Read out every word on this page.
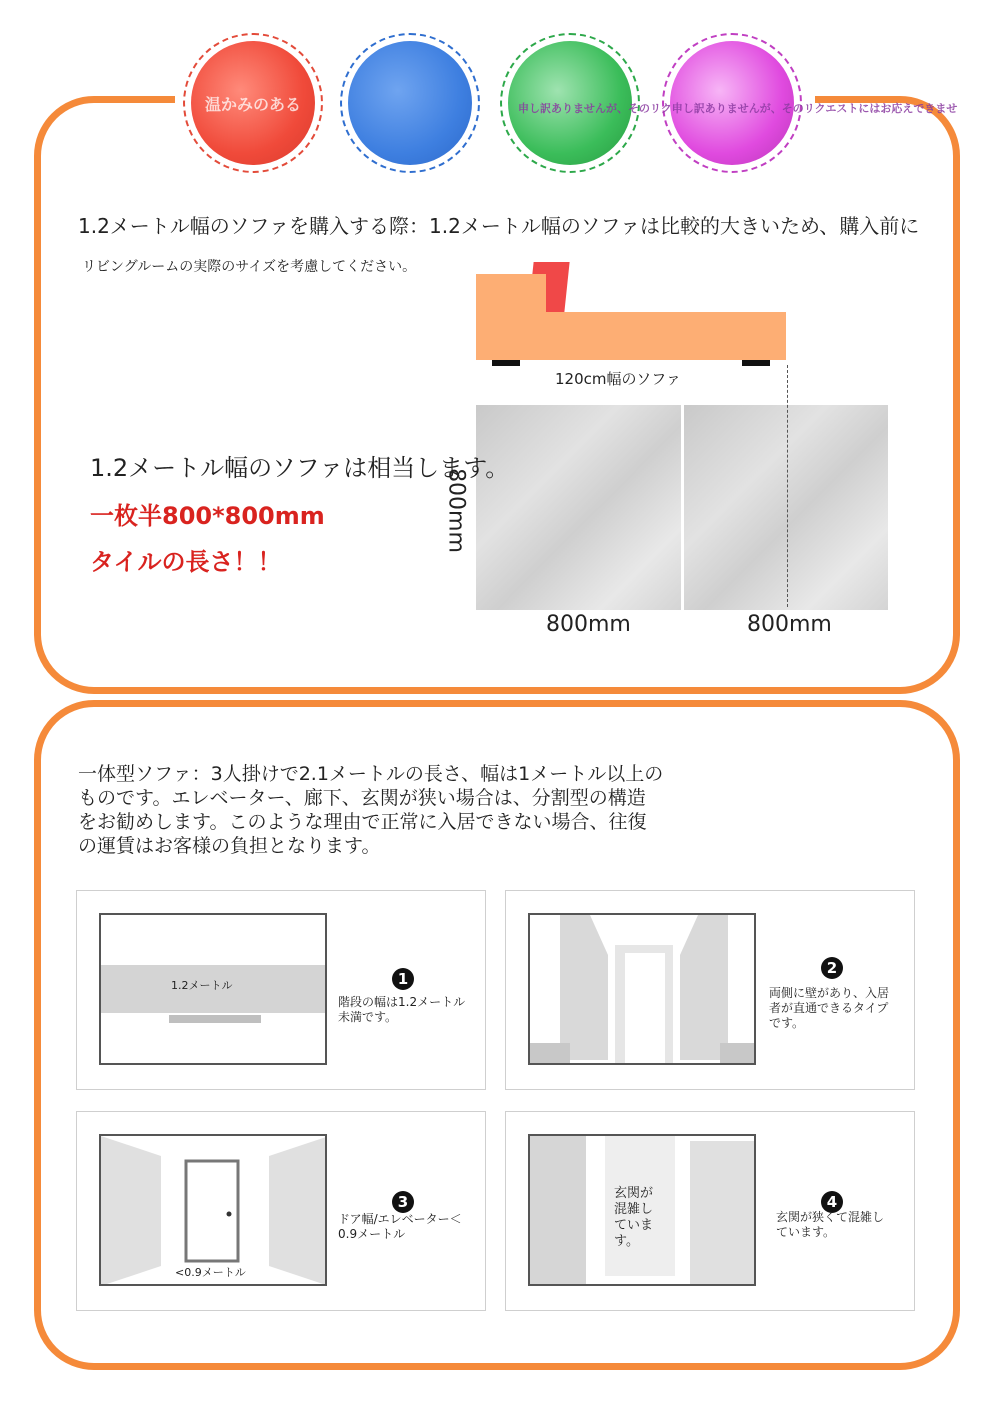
温かみのある	申し訳ありませんが、そのリク申し訳ありませんが、そのリクエストにはお応えできませ
1.2メートル幅のソファを購入する際：1.2メートル幅のソファは比較的大きいため、購入前に
リビングルームの実際のサイズを考慮してください。
120cm幅のソファ
1.2メートル幅のソファは相当します。
一枚半800*800mm
タイルの長さ！！
800mm
800mm	800mm
一体型ソファ：3人掛けで2.1メートルの長さ、幅は1メートル以上の
ものです。エレベーター、廊下、玄関が狭い場合は、分割型の構造
をお勧めします。このような理由で正常に入居できない場合、往復
の運賃はお客様の負担となります。
1.2メートル	1
階段の幅は1.2メートル未満です。
2
両側に壁があり、入居者が直通できるタイプです。
<0.9メートル
3
ドア幅/エレベーター＜0.9メートル
玄関が混雑しています。
4
玄関が狭くて混雑しています。
